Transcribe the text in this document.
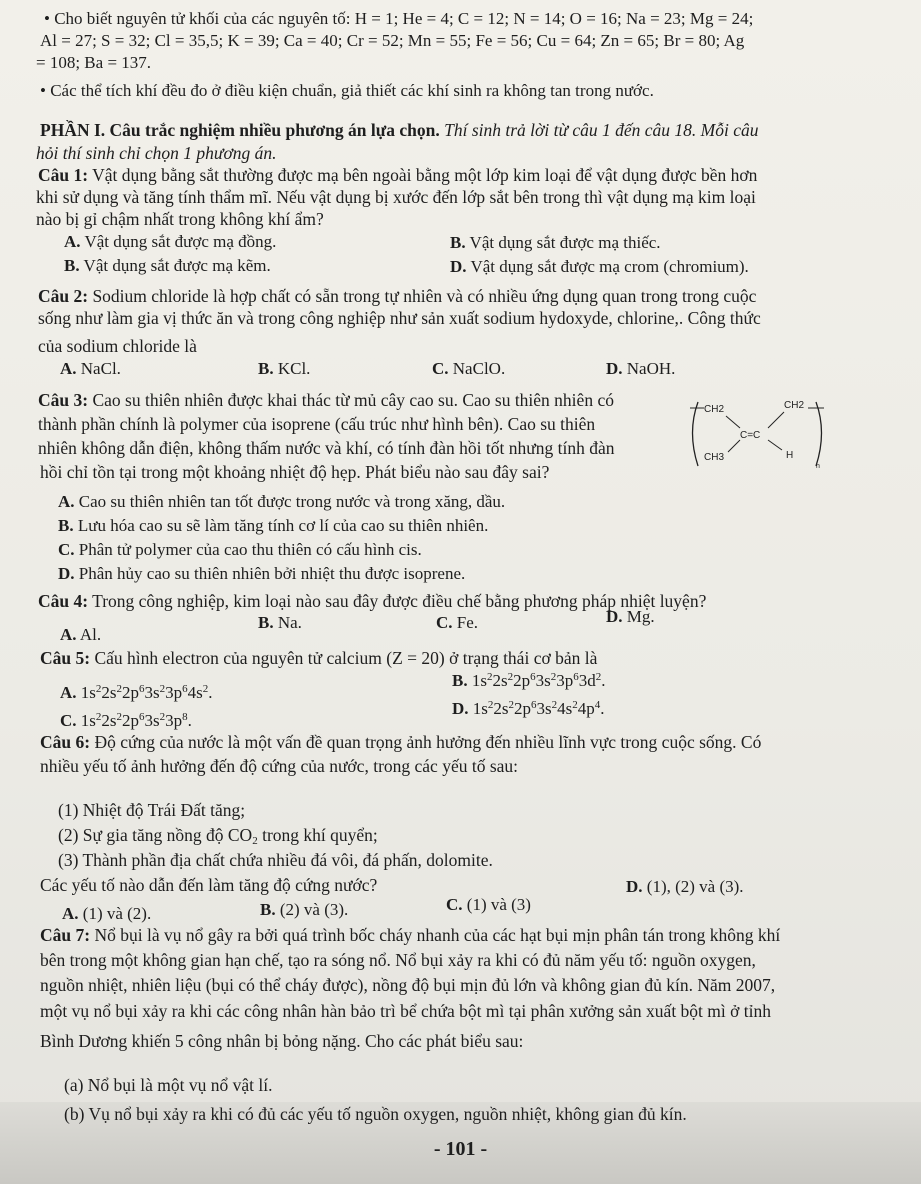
• Cho biết nguyên tử khối của các nguyên tố: H = 1; He = 4; C = 12; N = 14; O = 16; Na = 23; Mg = 24;
Al = 27; S = 32; Cl = 35,5; K = 39; Ca = 40; Cr = 52; Mn = 55; Fe = 56; Cu = 64; Zn = 65; Br = 80; Ag
= 108; Ba = 137.
• Các thể tích khí đều đo ở điều kiện chuẩn, giả thiết các khí sinh ra không tan trong nước.
PHẦN I. Câu trắc nghiệm nhiều phương án lựa chọn. Thí sinh trả lời từ câu 1 đến câu 18. Mỗi câu
hỏi thí sinh chỉ chọn 1 phương án.
Câu 1: Vật dụng bằng sắt thường được mạ bên ngoài bằng một lớp kim loại để vật dụng được bền hơn
khi sử dụng và tăng tính thẩm mĩ. Nếu vật dụng bị xước đến lớp sắt bên trong thì vật dụng mạ kim loại
nào bị gỉ chậm nhất trong không khí ẩm?
A. Vật dụng sắt được mạ đồng.	B. Vật dụng sắt được mạ thiếc.
B. Vật dụng sắt được mạ kẽm.	D. Vật dụng sắt được mạ crom (chromium).
Câu 2: Sodium chloride là hợp chất có sẵn trong tự nhiên và có nhiều ứng dụng quan trong trong cuộc
sống như làm gia vị thức ăn và trong công nghiệp như sản xuất sodium hydoxyde, chlorine,. Công thức
của sodium chloride là
A. NaCl.	B. KCl.	C. NaClO.	D. NaOH.
Câu 3: Cao su thiên nhiên được khai thác từ mủ cây cao su. Cao su thiên nhiên có
thành phần chính là polymer của isoprene (cấu trúc như hình bên). Cao su thiên
nhiên không dẫn điện, không thấm nước và khí, có tính đàn hồi tốt nhưng tính đàn
hồi chỉ tồn tại trong một khoảng nhiệt độ hẹp. Phát biểu nào sau đây sai?
CH2	CH2
C=C
CH3	H
n
A. Cao su thiên nhiên tan tốt được trong nước và trong xăng, dầu.
B. Lưu hóa cao su sẽ làm tăng tính cơ lí của cao su thiên nhiên.
C. Phân tử polymer của cao thu thiên có cấu hình cis.
D. Phân hủy cao su thiên nhiên bởi nhiệt thu được isoprene.
Câu 4: Trong công nghiệp, kim loại nào sau đây được điều chế bằng phương pháp nhiệt luyện?
A. Al.
B. Na.	C. Fe.	D. Mg.
Câu 5: Cấu hình electron của nguyên tử calcium (Z = 20) ở trạng thái cơ bản là
A. $1s^22s^22p^63s^23p^64s^2$.
B. $1s^22s^22p^63s^23p^63d^2$.
C. $1s^22s^22p^63s^23p^8$.
D. $1s^22s^22p^63s^24s^24p^4$.
Câu 6: Độ cứng của nước là một vấn đề quan trọng ảnh hưởng đến nhiều lĩnh vực trong cuộc sống. Có
nhiều yếu tố ảnh hưởng đến độ cứng của nước, trong các yếu tố sau:
(1) Nhiệt độ Trái Đất tăng;
(2) Sự gia tăng nồng độ $CO_2$ trong khí quyển;
(3) Thành phần địa chất chứa nhiều đá vôi, đá phấn, dolomite.
Các yếu tố nào dẫn đến làm tăng độ cứng nước?
A. (1) và (2).	B. (2) và (3).	C. (1) và (3)
D. (1), (2) và (3).
Câu 7: Nổ bụi là vụ nổ gây ra bởi quá trình bốc cháy nhanh của các hạt bụi mịn phân tán trong không khí
bên trong một không gian hạn chế, tạo ra sóng nổ. Nổ bụi xảy ra khi có đủ năm yếu tố: nguồn oxygen,
nguồn nhiệt, nhiên liệu (bụi có thể cháy được), nồng độ bụi mịn đủ lớn và không gian đủ kín. Năm 2007,
một vụ nổ bụi xảy ra khi các công nhân hàn bảo trì bể chứa bột mì tại phân xưởng sản xuất bột mì ở tỉnh
Bình Dương khiến 5 công nhân bị bỏng nặng. Cho các phát biểu sau:
(a) Nổ bụi là một vụ nổ vật lí.
(b) Vụ nổ bụi xảy ra khi có đủ các yếu tố nguồn oxygen, nguồn nhiệt, không gian đủ kín.
- 101 -
